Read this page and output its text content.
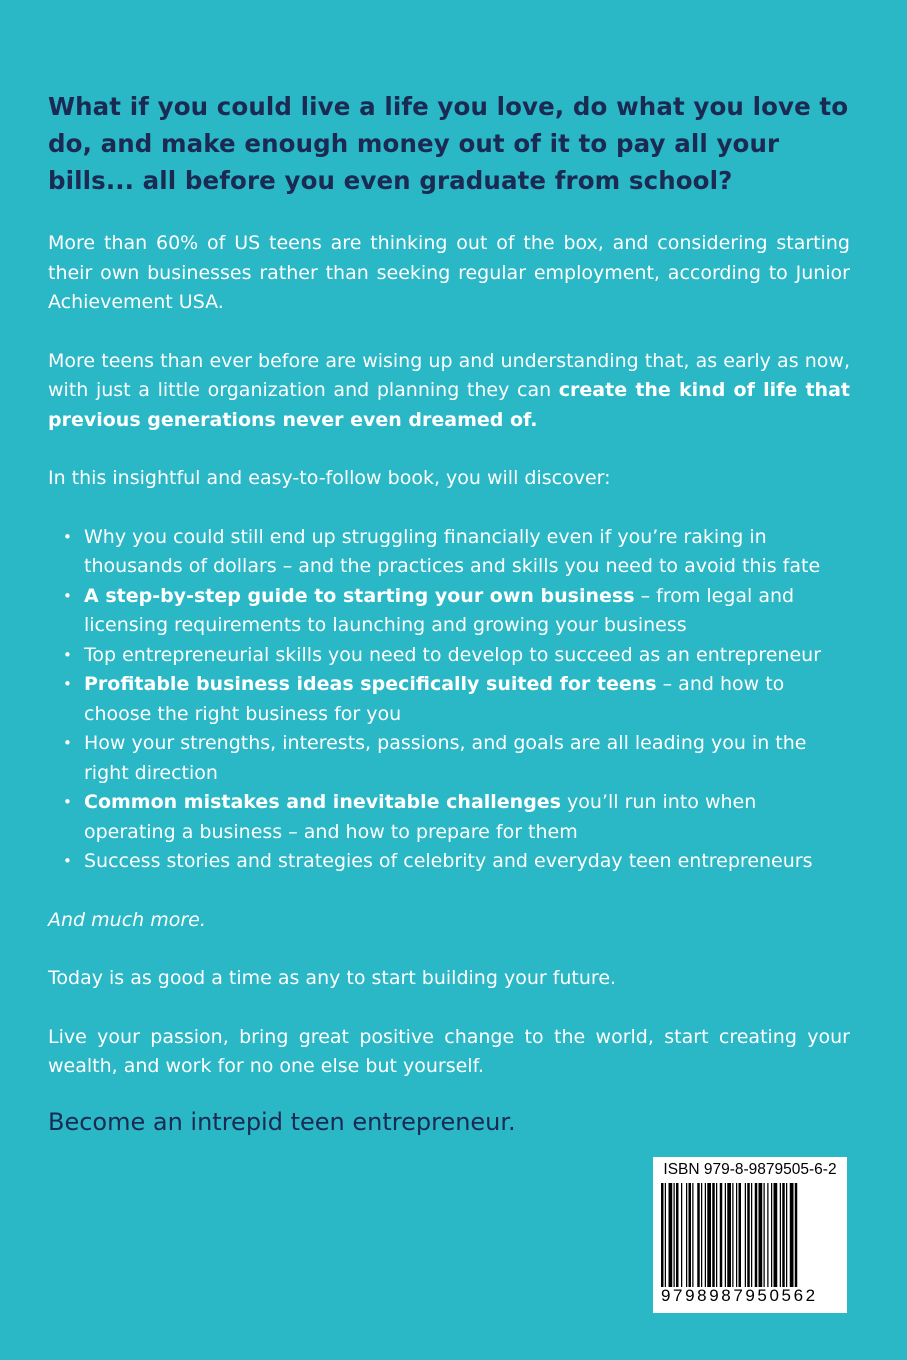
What if you could live a life you love, do what you love to do, and make enough money out of it to pay all your bills... all before you even graduate from school?

More than 60% of US teens are thinking out of the box, and considering starting their own businesses rather than seeking regular employment, according to Junior Achievement USA.

More teens than ever before are wising up and understanding that, as early as now, with just a little organization and planning they can create the kind of life that previous generations never even dreamed of.

In this insightful and easy-to-follow book, you will discover:

• Why you could still end up struggling financially even if you’re raking in thousands of dollars – and the practices and skills you need to avoid this fate
• A step-by-step guide to starting your own business – from legal and licensing requirements to launching and growing your business
• Top entrepreneurial skills you need to develop to succeed as an entrepreneur
• Profitable business ideas specifically suited for teens – and how to choose the right business for you
• How your strengths, interests, passions, and goals are all leading you in the right direction
• Common mistakes and inevitable challenges you’ll run into when operating a business – and how to prepare for them
• Success stories and strategies of celebrity and everyday teen entrepreneurs

And much more.

Today is as good a time as any to start building your future.

Live your passion, bring great positive change to the world, start creating your wealth, and work for no one else but yourself.

Become an intrepid teen entrepreneur.

ISBN 979-8-9879505-6-2
9798987950562
